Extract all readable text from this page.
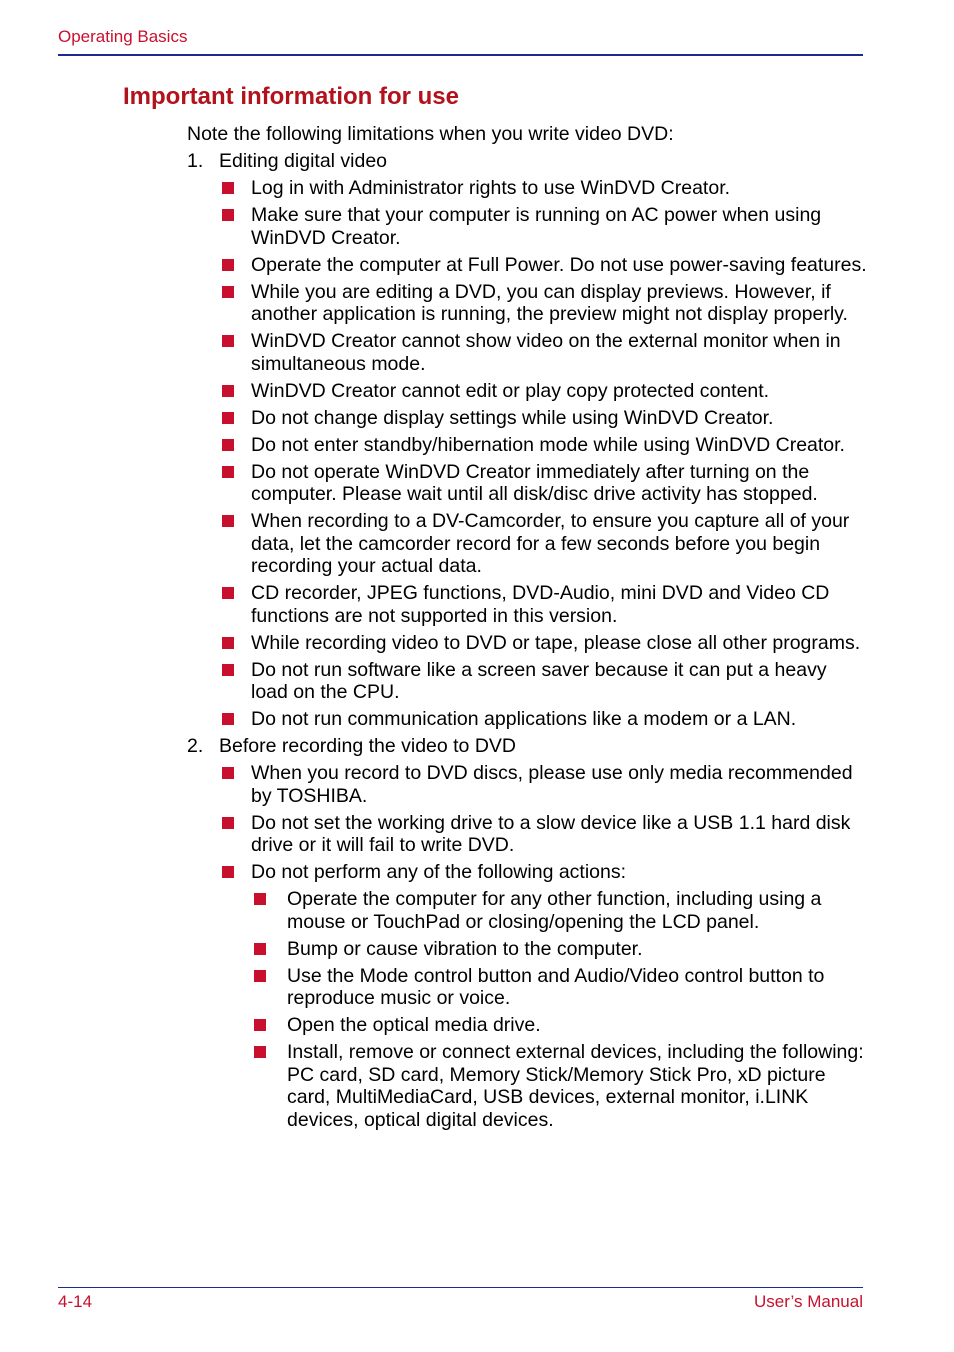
Operating Basics
Important information for use

Note the following limitations when you write video DVD:

1. Editing digital video
Log in with Administrator rights to use WinDVD Creator.
Make sure that your computer is running on AC power when using WinDVD Creator.
Operate the computer at Full Power. Do not use power-saving features.
While you are editing a DVD, you can display previews. However, if another application is running, the preview might not display properly.
WinDVD Creator cannot show video on the external monitor when in simultaneous mode.
WinDVD Creator cannot edit or play copy protected content.
Do not change display settings while using WinDVD Creator.
Do not enter standby/hibernation mode while using WinDVD Creator.
Do not operate WinDVD Creator immediately after turning on the computer. Please wait until all disk/disc drive activity has stopped.
When recording to a DV-Camcorder, to ensure you capture all of your data, let the camcorder record for a few seconds before you begin recording your actual data.
CD recorder, JPEG functions, DVD-Audio, mini DVD and Video CD functions are not supported in this version.
While recording video to DVD or tape, please close all other programs.
Do not run software like a screen saver because it can put a heavy load on the CPU.
Do not run communication applications like a modem or a LAN.
2. Before recording the video to DVD
When you record to DVD discs, please use only media recommended by TOSHIBA.
Do not set the working drive to a slow device like a USB 1.1 hard disk drive or it will fail to write DVD.
Do not perform any of the following actions:
Operate the computer for any other function, including using a mouse or TouchPad or closing/opening the LCD panel.
Bump or cause vibration to the computer.
Use the Mode control button and Audio/Video control button to reproduce music or voice.
Open the optical media drive.
Install, remove or connect external devices, including the following:
PC card, SD card, Memory Stick/Memory Stick Pro, xD picture card, MultiMediaCard, USB devices, external monitor, i.LINK devices, optical digital devices.
4-14	User’s Manual
